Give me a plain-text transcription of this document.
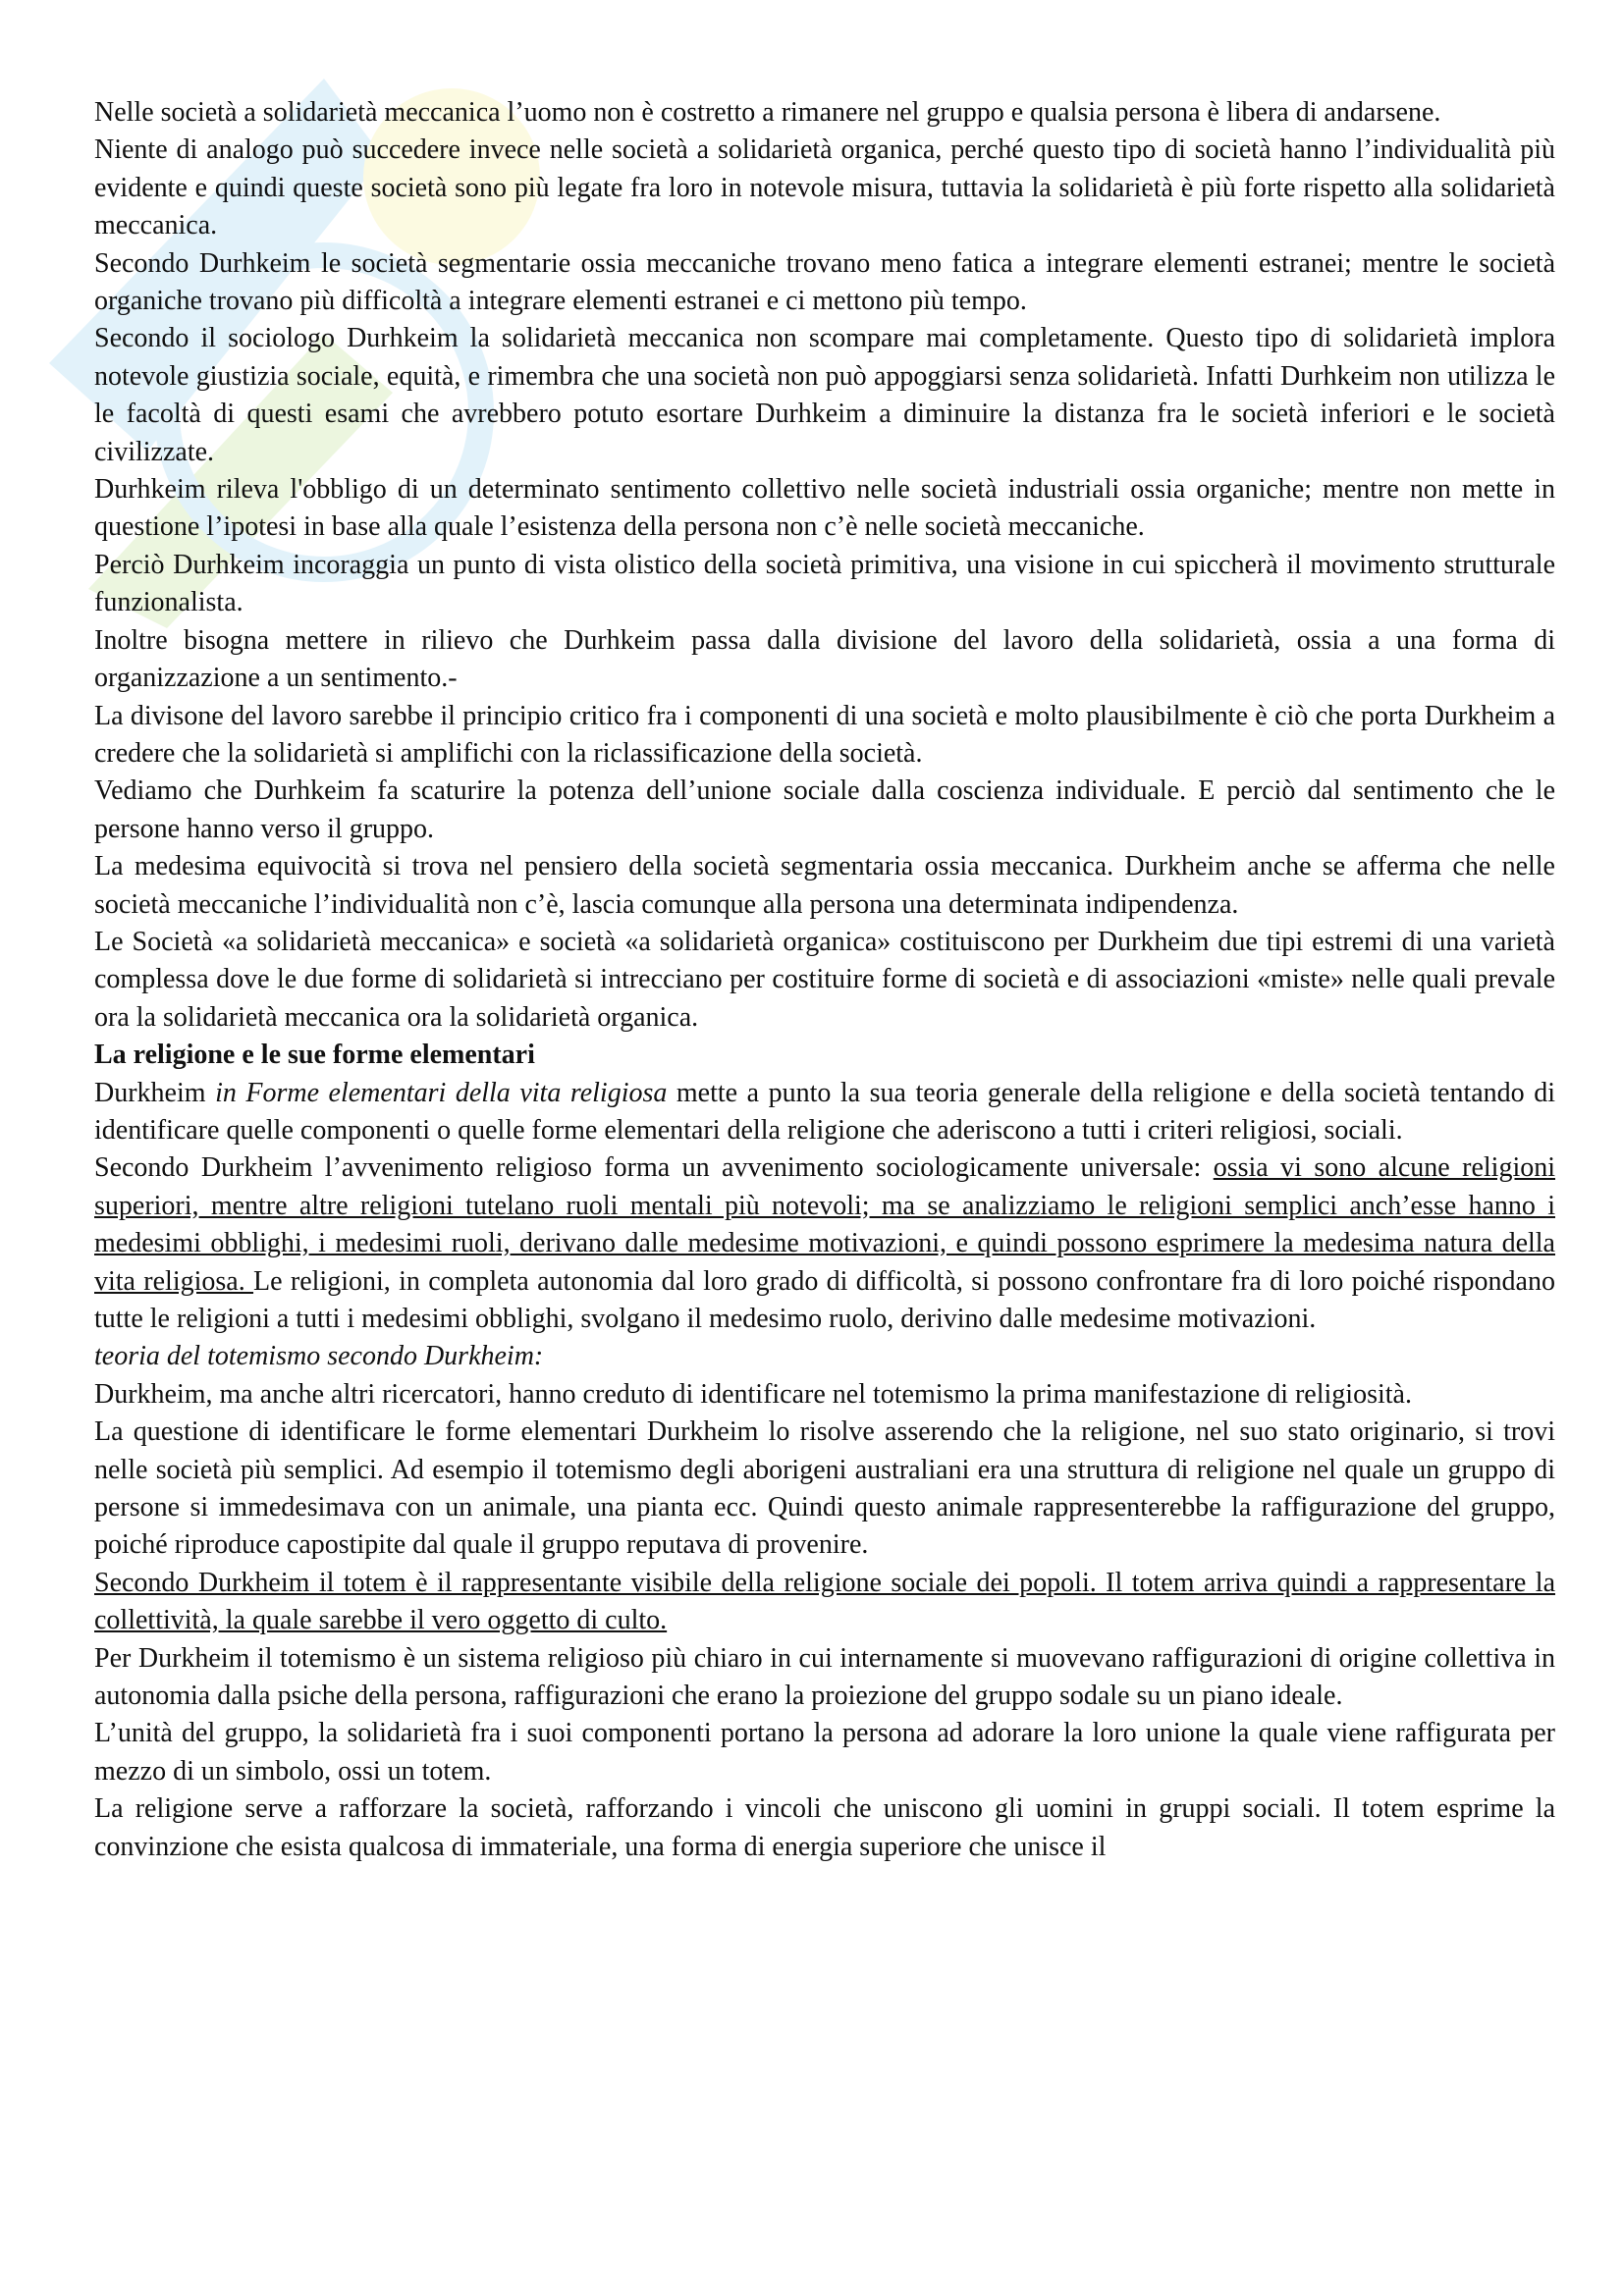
Nelle società a solidarietà meccanica l’uomo non è costretto a rimanere nel gruppo e qualsia persona è libera di andarsene.

Niente di analogo può succedere invece nelle società a solidarietà organica, perché questo tipo di società hanno l’individualità più evidente e quindi queste società sono più legate fra loro in notevole misura, tuttavia la solidarietà è più forte rispetto alla solidarietà meccanica.

Secondo Durhkeim le società segmentarie ossia meccaniche trovano meno fatica a integrare elementi estranei; mentre le società organiche trovano più difficoltà a integrare elementi estranei e ci mettono più tempo.

Secondo il sociologo Durhkeim la solidarietà meccanica non scompare mai completamente. Questo tipo di solidarietà implora notevole giustizia sociale, equità, e rimembra che una società non può appoggiarsi senza solidarietà. Infatti Durhkeim non utilizza le le facoltà di questi esami che avrebbero potuto esortare Durhkeim a diminuire la distanza fra le società inferiori e le società civilizzate.

Durhkeim rileva l'obbligo di un determinato sentimento collettivo nelle società industriali ossia organiche; mentre non mette in questione l’ipotesi in base alla quale l’esistenza della persona non c’è nelle società meccaniche.

Perciò Durhkeim incoraggia un punto di vista olistico della società primitiva, una visione in cui spiccherà il movimento strutturale funzionalista.

Inoltre bisogna mettere in rilievo che Durhkeim passa dalla divisione del lavoro della solidarietà, ossia a una forma di organizzazione a un sentimento.-

La divisone del lavoro sarebbe il principio critico fra i componenti di una società e molto plausibilmente è ciò che porta Durkheim a credere che la solidarietà si amplifichi con la riclassificazione della società.

Vediamo che Durhkeim fa scaturire la potenza dell’unione sociale dalla coscienza individuale. E perciò dal sentimento che le persone hanno verso il gruppo.

La medesima equivocità si trova nel pensiero della società segmentaria ossia meccanica. Durkheim anche se afferma che nelle società meccaniche l’individualità non c’è, lascia comunque alla persona una determinata indipendenza.

Le Società «a solidarietà meccanica» e società «a solidarietà organica» costituiscono per Durkheim due tipi estremi di una varietà complessa dove le due forme di solidarietà si intrecciano per costituire forme di società e di associazioni «miste» nelle quali prevale ora la solidarietà meccanica ora la solidarietà organica.

La religione e le sue forme elementari

Durkheim in Forme elementari della vita religiosa mette a punto la sua teoria generale della religione e della società tentando di identificare quelle componenti o quelle forme elementari della religione che aderiscono a tutti i criteri religiosi, sociali.

Secondo Durkheim l’avvenimento religioso forma un avvenimento sociologicamente universale: ossia vi sono alcune religioni superiori, mentre altre religioni tutelano ruoli mentali più notevoli; ma se analizziamo le religioni semplici anch’esse hanno i medesimi obblighi, i medesimi ruoli, derivano dalle medesime motivazioni, e quindi possono esprimere la medesima natura della vita religiosa. Le religioni, in completa autonomia dal loro grado di difficoltà, si possono confrontare fra di loro poiché rispondano tutte le religioni a tutti i medesimi obblighi, svolgano il medesimo ruolo, derivino dalle medesime motivazioni.

teoria del totemismo secondo Durkheim:

Durkheim, ma anche altri ricercatori, hanno creduto di identificare nel totemismo la prima manifestazione di religiosità.

La questione di identificare le forme elementari Durkheim lo risolve asserendo che la religione, nel suo stato originario, si trovi nelle società più semplici. Ad esempio il totemismo degli aborigeni australiani era una struttura di religione nel quale un gruppo di persone si immedesimava con un animale, una pianta ecc. Quindi questo animale rappresenterebbe la raffigurazione del gruppo, poiché riproduce capostipite dal quale il gruppo reputava di provenire.

Secondo Durkheim il totem è il rappresentante visibile della religione sociale dei popoli. Il totem arriva quindi a rappresentare la collettività, la quale sarebbe il vero oggetto di culto.

Per Durkheim il totemismo è un sistema religioso più chiaro in cui internamente si muovevano raffigurazioni di origine collettiva in autonomia dalla psiche della persona, raffigurazioni che erano la proiezione del gruppo sodale su un piano ideale.

L’unità del gruppo, la solidarietà fra i suoi componenti portano la persona ad adorare la loro unione la quale viene raffigurata per mezzo di un simbolo, ossi un totem.

La religione serve a rafforzare la società, rafforzando i vincoli che uniscono gli uomini in gruppi sociali. Il totem esprime la convinzione che esista qualcosa di immateriale, una forma di energia superiore che unisce il
